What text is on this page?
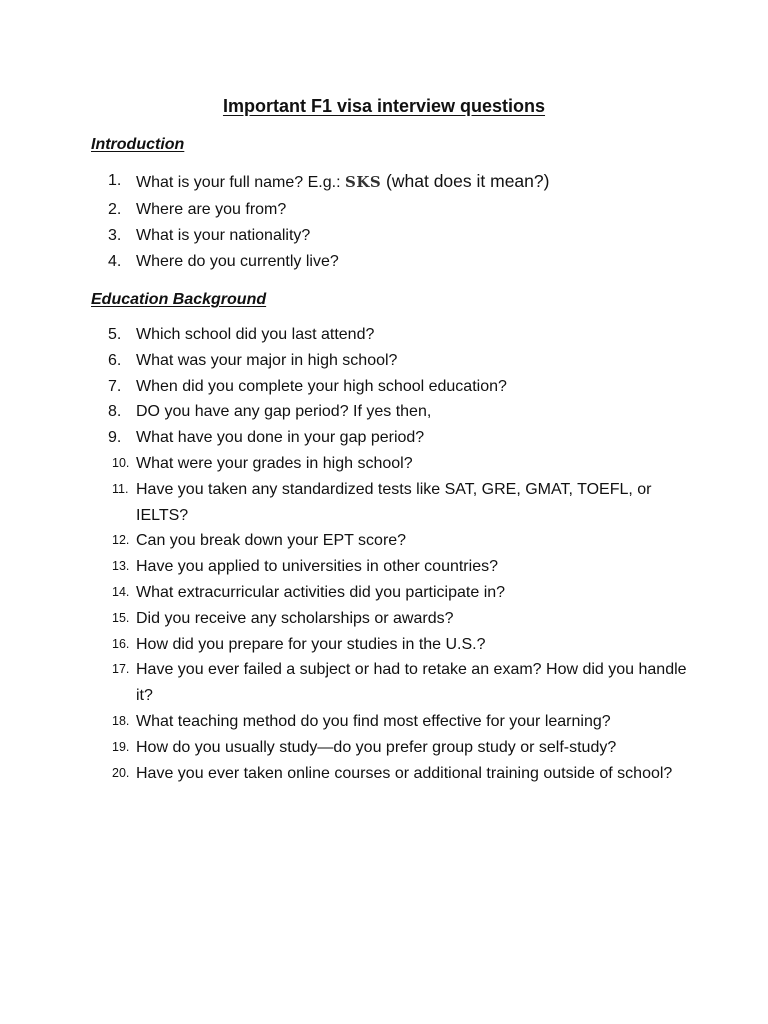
Important F1 visa interview questions
Introduction
1. What is your full name? E.g.: SKS (what does it mean?)
2. Where are you from?
3. What is your nationality?
4. Where do you currently live?
Education Background
5. Which school did you last attend?
6. What was your major in high school?
7. When did you complete your high school education?
8. DO you have any gap period? If yes then,
9. What have you done in your gap period?
10. What were your grades in high school?
11. Have you taken any standardized tests like SAT, GRE, GMAT, TOEFL, or IELTS?
12. Can you break down your EPT score?
13. Have you applied to universities in other countries?
14. What extracurricular activities did you participate in?
15. Did you receive any scholarships or awards?
16. How did you prepare for your studies in the U.S.?
17. Have you ever failed a subject or had to retake an exam? How did you handle it?
18. What teaching method do you find most effective for your learning?
19. How do you usually study—do you prefer group study or self-study?
20. Have you ever taken online courses or additional training outside of school?
